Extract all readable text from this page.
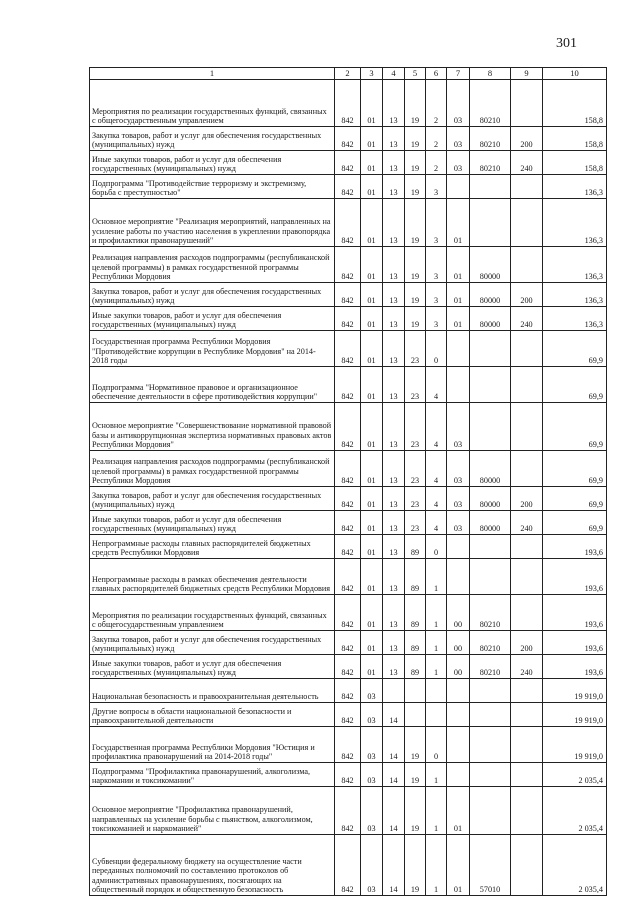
301
1	2	3	4	5	6	7	8	9	10
Мероприятия по реализации государственных функций, связанных с общегосударственным управлением	842	01	13	19	2	03	80210		158,8
Закупка товаров, работ и услуг для обеспечения государственных (муниципальных) нужд	842	01	13	19	2	03	80210	200	158,8
Иные закупки товаров, работ и услуг для обеспечения государственных (муниципальных) нужд	842	01	13	19	2	03	80210	240	158,8
Подпрограмма "Противодействие терроризму и экстремизму, борьба с преступностью"	842	01	13	19	3				136,3
Основное мероприятие "Реализация мероприятий, направленных на усиление работы по участию населения в укреплении правопорядка и профилактики правонарушений"	842	01	13	19	3	01			136,3
Реализация направления расходов подпрограммы (республиканской целевой программы) в рамках государственной программы Республики Мордовия	842	01	13	19	3	01	80000		136,3
Закупка товаров, работ и услуг для обеспечения государственных (муниципальных) нужд	842	01	13	19	3	01	80000	200	136,3
Иные закупки товаров, работ и услуг для обеспечения государственных (муниципальных) нужд	842	01	13	19	3	01	80000	240	136,3
Государственная программа Республики Мордовия "Противодействие коррупции в Республике Мордовия" на 2014-2018 годы	842	01	13	23	0				69,9
Подпрограмма "Нормативное правовое и организационное обеспечение деятельности в сфере противодействия коррупции"	842	01	13	23	4				69,9
Основное мероприятие "Совершенствование нормативной правовой базы и антикоррупционная экспертиза нормативных правовых актов Республики Мордовия"	842	01	13	23	4	03			69,9
Реализация направления расходов подпрограммы (республиканской целевой программы) в рамках государственной программы Республики Мордовия	842	01	13	23	4	03	80000		69,9
Закупка товаров, работ и услуг для обеспечения государственных (муниципальных) нужд	842	01	13	23	4	03	80000	200	69,9
Иные закупки товаров, работ и услуг для обеспечения государственных (муниципальных) нужд	842	01	13	23	4	03	80000	240	69,9
Непрограммные расходы главных распорядителей бюджетных средств Республики Мордовия	842	01	13	89	0				193,6
Непрограммные расходы в рамках обеспечения деятельности главных распорядителей бюджетных средств Республики Мордовия	842	01	13	89	1				193,6
Мероприятия по реализации государственных функций, связанных с общегосударственным управлением	842	01	13	89	1	00	80210		193,6
Закупка товаров, работ и услуг для обеспечения государственных (муниципальных) нужд	842	01	13	89	1	00	80210	200	193,6
Иные закупки товаров, работ и услуг для обеспечения государственных (муниципальных) нужд	842	01	13	89	1	00	80210	240	193,6
Национальная безопасность и правоохранительная деятельность	842	03							19 919,0
Другие вопросы в области национальной безопасности и правоохранительной деятельности	842	03	14						19 919,0
Государственная программа Республики Мордовия "Юстиция и профилактика правонарушений на 2014-2018 годы"	842	03	14	19	0				19 919,0
Подпрограмма "Профилактика правонарушений, алкоголизма, наркомании и токсикомании"	842	03	14	19	1				2 035,4
Основное мероприятие "Профилактика правонарушений, направленных на усиление борьбы с пьянством, алкоголизмом, токсикоманией и наркоманией"	842	03	14	19	1	01			2 035,4
Субвенции федеральному бюджету на осуществление части переданных полномочий по составлению протоколов об административных правонарушениях, посягающих на общественный порядок и общественную безопасность	842	03	14	19	1	01	57010		2 035,4
